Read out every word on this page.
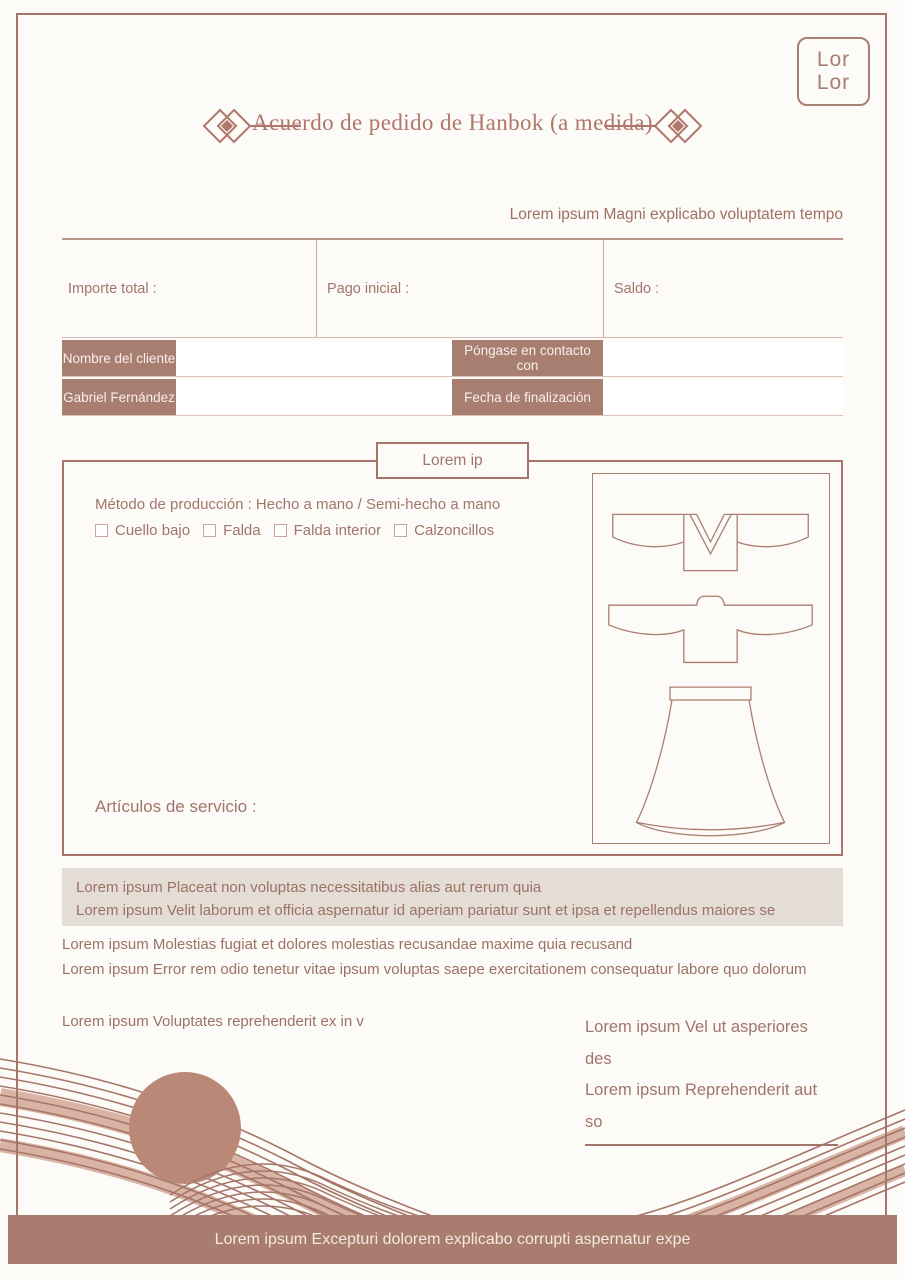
Lor
Lor
Acuerdo de pedido de Hanbok (a medida)
Lorem ipsum Magni explicabo voluptatem tempo
Importe total :	Pago inicial :	Saldo :
Nombre del cliente	Póngase en contacto con
Gabriel Fernández	Fecha de finalización
Lorem ip
Método de producción : Hecho a mano / Semi-hecho a mano
Cuello bajo Falda Falda interior Calzoncillos
Artículos de servicio :
Lorem ipsum Placeat non voluptas necessitatibus alias aut rerum quia
Lorem ipsum Velit laborum et officia aspernatur id aperiam pariatur sunt et ipsa et repellendus maiores se
Lorem ipsum Molestias fugiat et dolores molestias recusandae maxime quia recusand
Lorem ipsum Error rem odio tenetur vitae ipsum voluptas saepe exercitationem consequatur labore quo dolorum
Lorem ipsum Voluptates reprehenderit ex in v	Lorem ipsum Vel ut asperiores des
Lorem ipsum Reprehenderit aut so
Lorem ipsum Excepturi dolorem explicabo corrupti aspernatur expe
